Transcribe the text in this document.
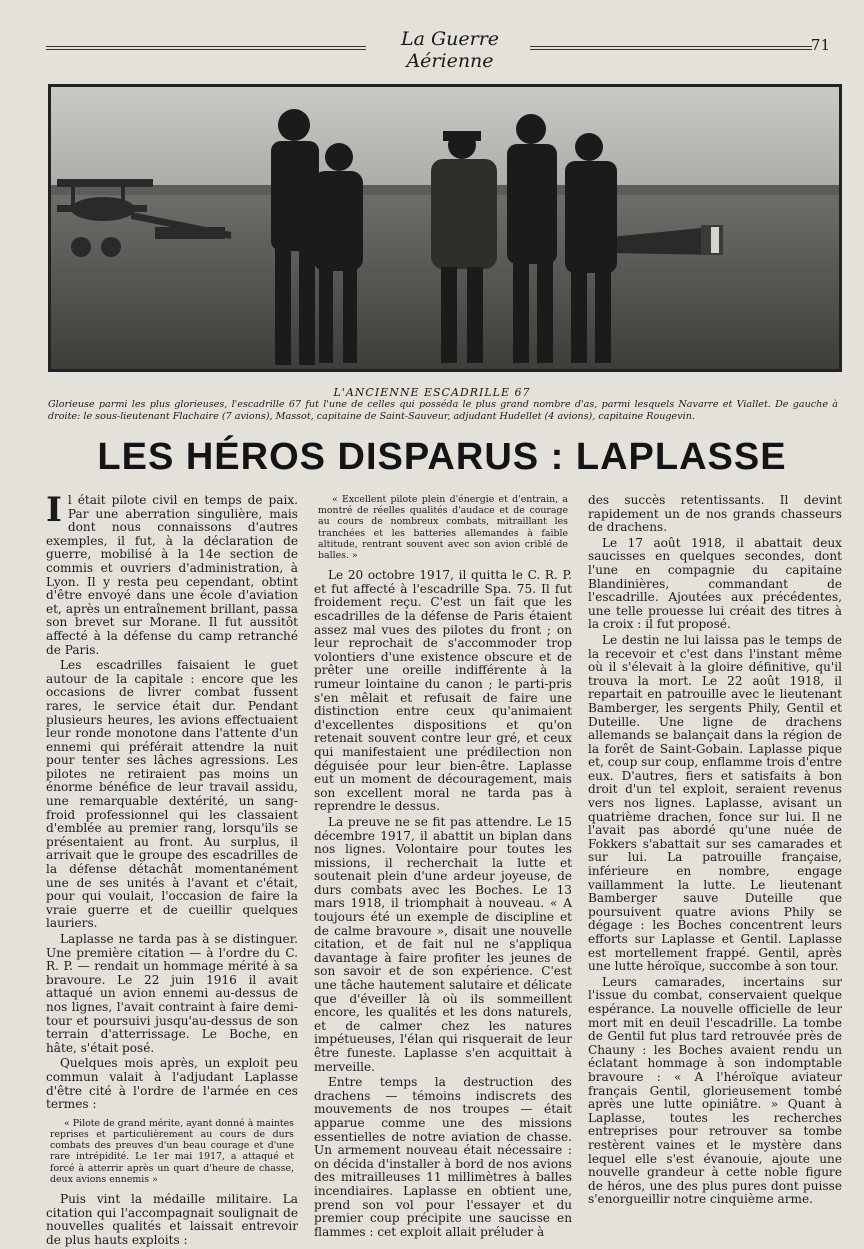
La Guerre Aérienne
71
L'ANCIENNE ESCADRILLE 67
Glorieuse parmi les plus glorieuses, l'escadrille 67 fut l'une de celles qui posséda le plus grand nombre d'as, parmi lesquels Navarre et Viallet. De gauche à droite: le sous-lieutenant Flachaire (7 avions), Massot, capitaine de Saint-Sauveur, adjudant Hudellet (4 avions), capitaine Rougevin.
LES HÉROS DISPARUS : LAPLASSE
I l était pilote civil en temps de paix. Par une aberration singulière, mais dont nous connaissons d'autres exemples, il fut, à la déclaration de guerre, mobilisé à la 14e section de commis et ouvriers d'administration, à Lyon. Il y resta peu cependant, obtint d'être envoyé dans une école d'aviation et, après un entraînement brillant, passa son brevet sur Morane. Il fut aussitôt affecté à la défense du camp retranché de Paris.

Les escadrilles faisaient le guet autour de la capitale : encore que les occasions de livrer combat fussent rares, le service était dur. Pendant plusieurs heures, les avions effectuaient leur ronde monotone dans l'attente d'un ennemi qui préférait attendre la nuit pour tenter ses lâches agressions. Les pilotes ne retiraient pas moins un énorme bénéfice de leur travail assidu, une remarquable dextérité, un sang-froid professionnel qui les classaient d'emblée au premier rang, lorsqu'ils se présentaient au front. Au surplus, il arrivait que le groupe des escadrilles de la défense détachât momentanément une de ses unités à l'avant et c'était, pour qui voulait, l'occasion de faire la vraie guerre et de cueillir quelques lauriers.

Laplasse ne tarda pas à se distinguer. Une première citation — à l'ordre du C. R. P. — rendait un hommage mérité à sa bravoure. Le 22 juin 1916 il avait attaqué un avion ennemi au-dessus de nos lignes, l'avait contraint à faire demi-tour et poursuivi jusqu'au-dessus de son terrain d'atterrissage. Le Boche, en hâte, s'était posé.

Quelques mois après, un exploit peu commun valait à l'adjudant Laplasse d'être cité à l'ordre de l'armée en ces termes :

« Pilote de grand mérite, ayant donné à maintes reprises et particulièrement au cours de durs combats des preuves d'un beau courage et d'une rare intrépidité. Le 1er mai 1917, a attaqué et forcé à atterrir après un quart d'heure de chasse, deux avions ennemis »

Puis vint la médaille militaire. La citation qui l'accompagnait soulignait de nouvelles qualités et laissait entrevoir de plus hauts exploits :

« Excellent pilote plein d'énergie et d'entrain, a montré de réelles qualités d'audace et de courage au cours de nombreux combats, mitraillant les tranchées et les batteries allemandes à faible altitude, rentrant souvent avec son avion criblé de balles. »

Le 20 octobre 1917, il quitta le C. R. P. et fut affecté à l'escadrille Spa. 75. Il fut froidement reçu. C'est un fait que les escadrilles de la défense de Paris étaient assez mal vues des pilotes du front ; on leur reprochait de s'accommoder trop volontiers d'une existence obscure et de prêter une oreille indifférente à la rumeur lointaine du canon ; le parti-pris s'en mêlait et refusait de faire une distinction entre ceux qu'animaient d'excellentes dispositions et qu'on retenait souvent contre leur gré, et ceux qui manifestaient une prédilection non déguisée pour leur bien-être. Laplasse eut un moment de découragement, mais son excellent moral ne tarda pas à reprendre le dessus.

La preuve ne se fit pas attendre. Le 15 décembre 1917, il abattit un biplan dans nos lignes. Volontaire pour toutes les missions, il recherchait la lutte et soutenait plein d'une ardeur joyeuse, de durs combats avec les Boches. Le 13 mars 1918, il triomphait à nouveau. « A toujours été un exemple de discipline et de calme bravoure », disait une nouvelle citation, et de fait nul ne s'appliqua davantage à faire profiter les jeunes de son savoir et de son expérience. C'est une tâche hautement salutaire et délicate que d'éveiller là où ils sommeillent encore, les qualités et les dons naturels, et de calmer chez les natures impétueuses, l'élan qui risquerait de leur être funeste. Laplasse s'en acquittait à merveille.

Entre temps la destruction des drachens — témoins indiscrets des mouvements de nos troupes — était apparue comme une des missions essentielles de notre aviation de chasse. Un armement nouveau était nécessaire : on décida d'installer à bord de nos avions des mitrailleuses 11 millimètres à balles incendiaires. Laplasse en obtient une, prend son vol pour l'essayer et du premier coup précipite une saucisse en flammes : cet exploit allait préluder à

des succès retentissants. Il devint rapidement un de nos grands chasseurs de drachens.

Le 17 août 1918, il abattait deux saucisses en quelques secondes, dont l'une en compagnie du capitaine Blandinières, commandant de l'escadrille. Ajoutées aux précédentes, une telle prouesse lui créait des titres à la croix : il fut proposé.

Le destin ne lui laissa pas le temps de la recevoir et c'est dans l'instant même où il s'élevait à la gloire définitive, qu'il trouva la mort. Le 22 août 1918, il repartait en patrouille avec le lieutenant Bamberger, les sergents Phily, Gentil et Duteille. Une ligne de drachens allemands se balançait dans la région de la forêt de Saint-Gobain. Laplasse pique et, coup sur coup, enflamme trois d'entre eux. D'autres, fiers et satisfaits à bon droit d'un tel exploit, seraient revenus vers nos lignes. Laplasse, avisant un quatrième drachen, fonce sur lui. Il ne l'avait pas abordé qu'une nuée de Fokkers s'abattait sur ses camarades et sur lui. La patrouille française, inférieure en nombre, engage vaillamment la lutte. Le lieutenant Bamberger sauve Duteille que poursuivent quatre avions Phily se dégage : les Boches concentrent leurs efforts sur Laplasse et Gentil. Laplasse est mortellement frappé. Gentil, après une lutte héroïque, succombe à son tour.

Leurs camarades, incertains sur l'issue du combat, conservaient quelque espérance. La nouvelle officielle de leur mort mit en deuil l'escadrille. La tombe de Gentil fut plus tard retrouvée près de Chauny : les Boches avaient rendu un éclatant hommage à son indomptable bravoure : « A l'héroïque aviateur français Gentil, glorieusement tombé après une lutte opiniâtre. » Quant à Laplasse, toutes les recherches entreprises pour retrouver sa tombe restèrent vaines et le mystère dans lequel elle s'est évanouie, ajoute une nouvelle grandeur à cette noble figure de héros, une des plus pures dont puisse s'enorgueillir notre cinquième arme.
